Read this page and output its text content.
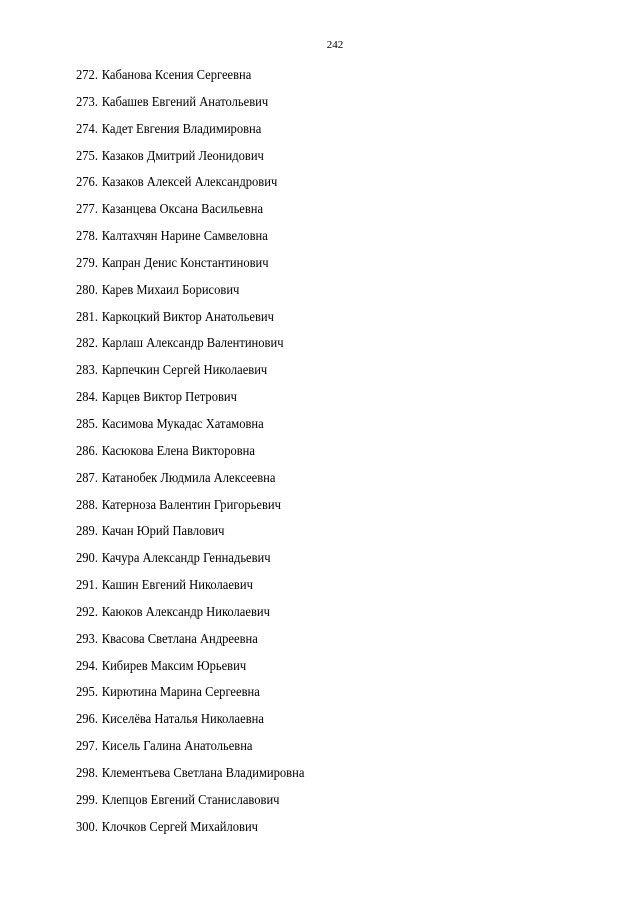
242
272. Кабанова Ксения Сергеевна
273. Кабашев Евгений Анатольевич
274. Кадет Евгения Владимировна
275. Казаков Дмитрий Леонидович
276. Казаков Алексей Александрович
277. Казанцева Оксана Васильевна
278. Калтахчян Нарине Самвеловна
279. Капран Денис Константинович
280. Карев Михаил Борисович
281. Каркоцкий Виктор Анатольевич
282. Карлаш Александр Валентинович
283. Карпечкин Сергей Николаевич
284. Карцев Виктор Петрович
285. Касимова Мукадас Хатамовна
286. Касюкова Елена Викторовна
287. Катанобек Людмила Алексеевна
288. Катерноза Валентин Григорьевич
289. Качан Юрий Павлович
290. Качура Александр Геннадьевич
291. Кашин Евгений Николаевич
292. Каюков Александр Николаевич
293. Квасова Светлана Андреевна
294. Кибирев Максим Юрьевич
295. Кирютина Марина Сергеевна
296. Киселёва Наталья Николаевна
297. Кисель Галина Анатольевна
298. Клементьева Светлана Владимировна
299. Клепцов Евгений Станиславович
300. Клочков Сергей Михайлович
